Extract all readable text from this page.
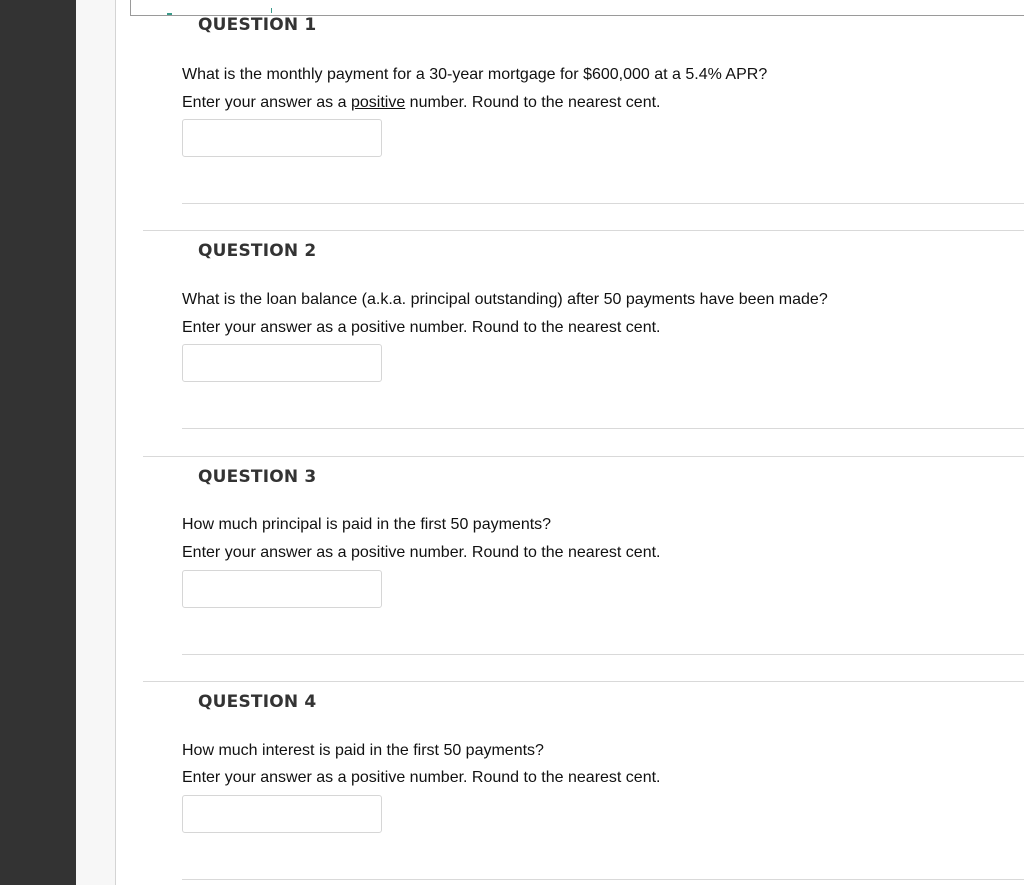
QUESTION 1
What is the monthly payment for a 30-year mortgage for $600,000 at a 5.4% APR?
Enter your answer as a positive number. Round to the nearest cent.
QUESTION 2
What is the loan balance (a.k.a. principal outstanding) after 50 payments have been made?
Enter your answer as a positive number. Round to the nearest cent.
QUESTION 3
How much principal is paid in the first 50 payments?
Enter your answer as a positive number. Round to the nearest cent.
QUESTION 4
How much interest is paid in the first 50 payments?
Enter your answer as a positive number. Round to the nearest cent.
